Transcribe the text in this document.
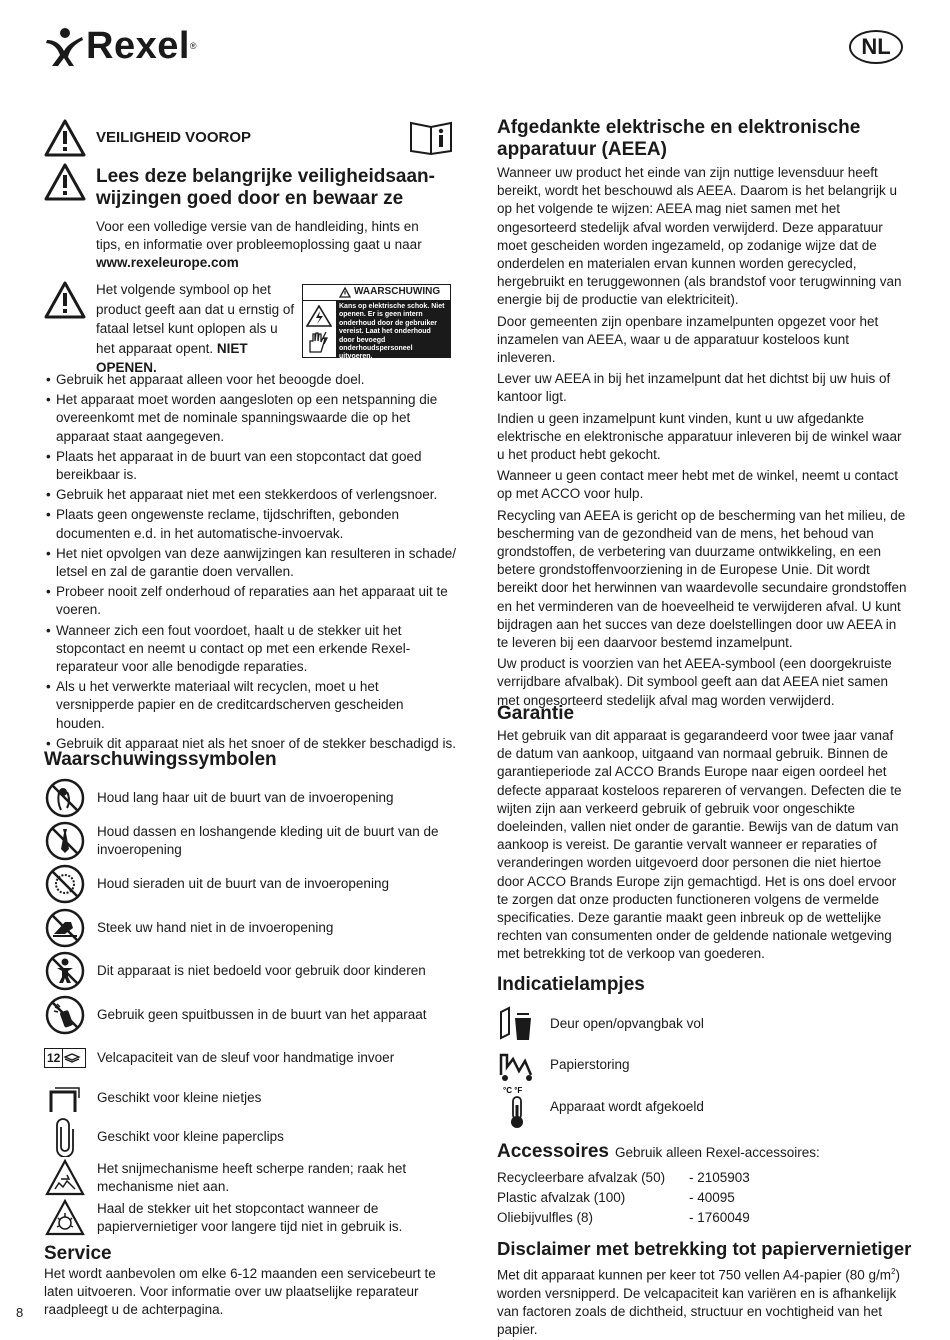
Rexel ®	NL
VEILIGHEID VOOROP
Lees deze belangrijke veiligheidsaan-wijzingen goed door en bewaar ze

Voor een volledige versie van de handleiding, hints en tips, en informatie over probleemoplossing gaat u naar

www.rexeleurope.com

Het volgende symbool op het product geeft aan dat u ernstig of fataal letsel kunt oplopen als u het apparaat opent. NIET OPENEN.
WAARSCHUWING
Kans op elektrische schok. Niet openen. Er is geen intern onderhoud door de gebruiker vereist. Laat het onderhoud door bevoegd onderhoudspersoneel uitvoeren.
• Gebruik het apparaat alleen voor het beoogde doel.
• Het apparaat moet worden aangesloten op een netspanning die overeenkomt met de nominale spanningswaarde die op het apparaat staat aangegeven.
• Plaats het apparaat in de buurt van een stopcontact dat goed bereikbaar is.
• Gebruik het apparaat niet met een stekkerdoos of verlengsnoer.
• Plaats geen ongewenste reclame, tijdschriften, gebonden documenten e.d. in het automatische-invoervak.
• Het niet opvolgen van deze aanwijzingen kan resulteren in schade/ letsel en zal de garantie doen vervallen.
• Probeer nooit zelf onderhoud of reparaties aan het apparaat uit te voeren.
• Wanneer zich een fout voordoet, haalt u de stekker uit het stopcontact en neemt u contact op met een erkende Rexel-reparateur voor alle benodigde reparaties.
• Als u het verwerkte materiaal wilt recyclen, moet u het versnipperde papier en de creditcardscherven gescheiden houden.
• Gebruik dit apparaat niet als het snoer of de stekker beschadigd is.
Waarschuwingssymbolen
Houd lang haar uit de buurt van de invoeropening
Houd dassen en loshangende kleding uit de buurt van de invoeropening
Houd sieraden uit de buurt van de invoeropening
Steek uw hand niet in de invoeropening
Dit apparaat is niet bedoeld voor gebruik door kinderen
Gebruik geen spuitbussen in de buurt van het apparaat
12	Velcapaciteit van de sleuf voor handmatige invoer
Geschikt voor kleine nietjes
Geschikt voor kleine paperclips
Het snijmechanisme heeft scherpe randen; raak het mechanisme niet aan.
Haal de stekker uit het stopcontact wanneer de papiervernietiger voor langere tijd niet in gebruik is.
Service
Het wordt aanbevolen om elke 6-12 maanden een servicebeurt te laten uitvoeren. Voor informatie over uw plaatselijke reparateur raadpleegt u de achterpagina.
8
Afgedankte elektrische en elektronische apparatuur (AEEA)

Wanneer uw product het einde van zijn nuttige levensduur heeft bereikt, wordt het beschouwd als AEEA. Daarom is het belangrijk u op het volgende te wijzen: AEEA mag niet samen met het ongesorteerd stedelijk afval worden verwijderd. Deze apparatuur moet gescheiden worden ingezameld, op zodanige wijze dat de onderdelen en materialen ervan kunnen worden gerecycled, hergebruikt en teruggewonnen (als brandstof voor terugwinning van energie bij de productie van elektriciteit).

Door gemeenten zijn openbare inzamelpunten opgezet voor het inzamelen van AEEA, waar u de apparatuur kosteloos kunt inleveren.

Lever uw AEEA in bij het inzamelpunt dat het dichtst bij uw huis of kantoor ligt.

Indien u geen inzamelpunt kunt vinden, kunt u uw afgedankte elektrische en elektronische apparatuur inleveren bij de winkel waar u het product hebt gekocht.

Wanneer u geen contact meer hebt met de winkel, neemt u contact op met ACCO voor hulp.

Recycling van AEEA is gericht op de bescherming van het milieu, de bescherming van de gezondheid van de mens, het behoud van grondstoffen, de verbetering van duurzame ontwikkeling, en een betere grondstoffenvoorziening in de Europese Unie. Dit wordt bereikt door het herwinnen van waardevolle secundaire grondstoffen en het verminderen van de hoeveelheid te verwijderen afval. U kunt bijdragen aan het succes van deze doelstellingen door uw AEEA in te leveren bij een daarvoor bestemd inzamelpunt.

Uw product is voorzien van het AEEA-symbool (een doorgekruiste verrijdbare afvalbak). Dit symbool geeft aan dat AEEA niet samen met ongesorteerd stedelijk afval mag worden verwijderd.

Garantie
Het gebruik van dit apparaat is gegarandeerd voor twee jaar vanaf de datum van aankoop, uitgaand van normaal gebruik. Binnen de garantieperiode zal ACCO Brands Europe naar eigen oordeel het defecte apparaat kosteloos repareren of vervangen. Defecten die te wijten zijn aan verkeerd gebruik of gebruik voor ongeschikte doeleinden, vallen niet onder de garantie. Bewijs van de datum van aankoop is vereist. De garantie vervalt wanneer er reparaties of veranderingen worden uitgevoerd door personen die niet hiertoe door ACCO Brands Europe zijn gemachtigd. Het is ons doel ervoor te zorgen dat onze producten functioneren volgens de vermelde specificaties. Deze garantie maakt geen inbreuk op de wettelijke rechten van consumenten onder de geldende nationale wetgeving met betrekking tot de verkoop van goederen.
Indicatielampjes
Deur open/opvangbak vol
Papierstoring
°C °F
Apparaat wordt afgekoeld
Accessoires Gebruik alleen Rexel-accessoires:
Recycleerbare afvalzak (50)	- 2105903
Plastic afvalzak (100)	- 40095
Oliebijvulfles (8)	- 1760049
Disclaimer met betrekking tot papiervernietiger
Met dit apparaat kunnen per keer tot 750 vellen A4-papier (80 $g/m^2$) worden versnipperd. De velcapaciteit kan variëren en is afhankelijk van factoren zoals de dichtheid, structuur en vochtigheid van het papier.
